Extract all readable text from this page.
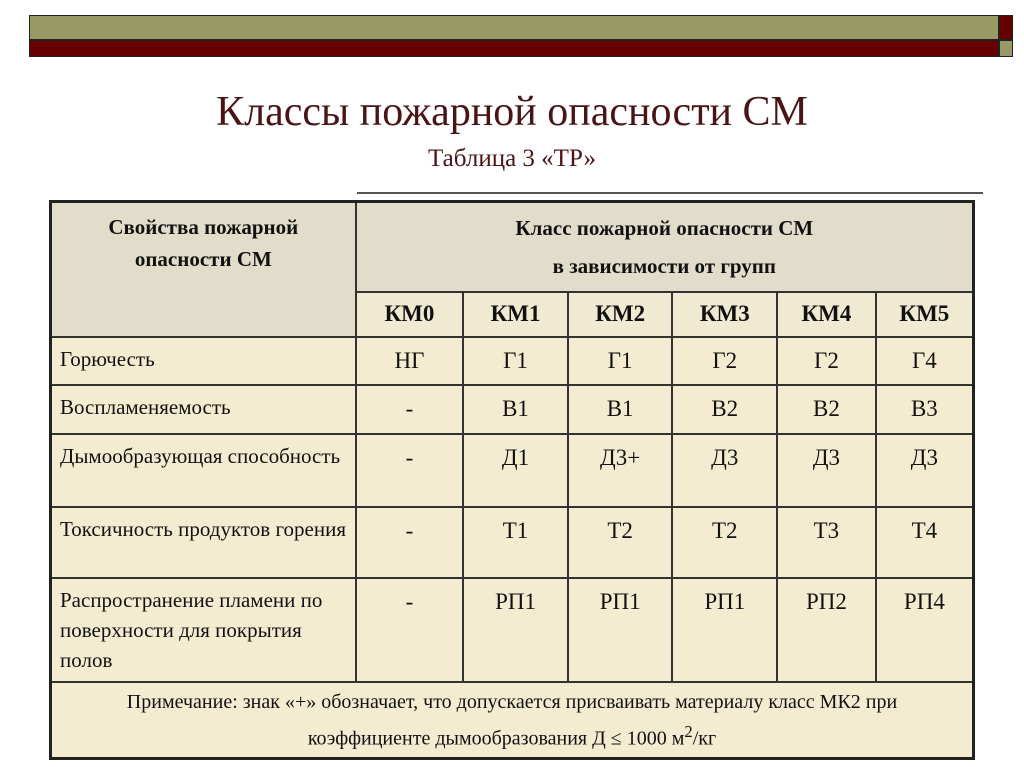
Классы пожарной опасности СМ
Таблица 3 «ТР»
Свойства пожарной опасности СМ	Класс пожарной опасности СМ
в зависимости от групп					

	КМ0	КМ1	КМ2	КМ3	КМ4	КМ5
Горючесть	НГ	Г1	Г1	Г2	Г2	Г4
Воспламеняемость	-	В1	В1	В2	В2	В3
Дымообразующая способность	-	Д1	Д3+	Д3	Д3	Д3
Токсичность продуктов горения	-	Т1	Т2	Т2	Т3	Т4
Распространение пламени по поверхности для покрытия полов	-	РП1	РП1	РП1	РП2	РП4

Примечание: знак «+» обозначает, что допускается присваивать материалу класс МК2 при
коэффициенте дымообразования Д ≤ 1000 $м^2/кг$						
